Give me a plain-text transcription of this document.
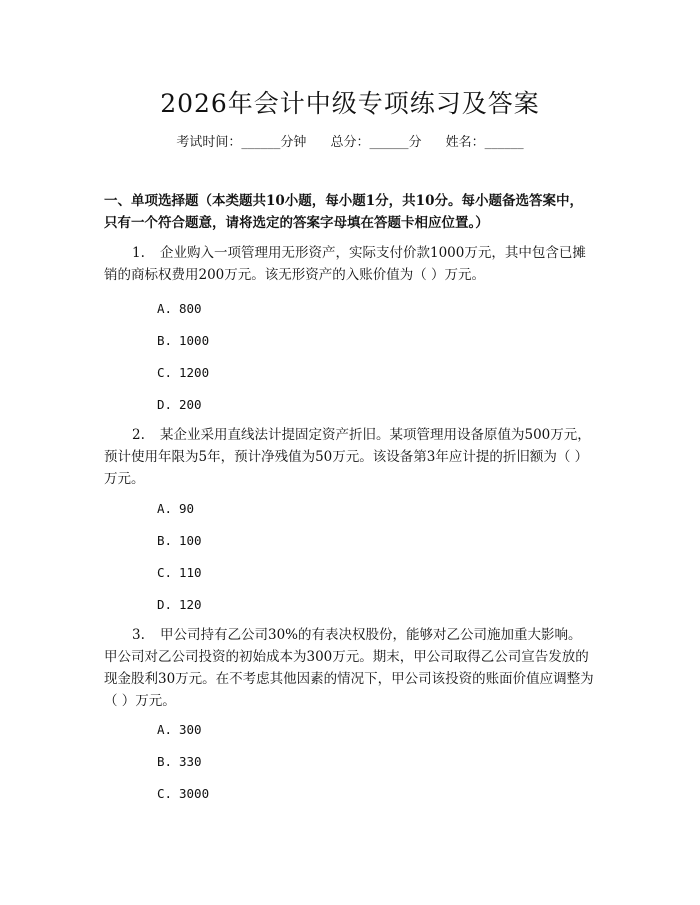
2026年会计中级专项练习及答案
考试时间：______分钟 总分：______分 姓名：______
一、单项选择题（本类题共10小题，每小题1分，共10分。每小题备选答案中，只有一个符合题意，请将选定的答案字母填在答题卡相应位置。）
1. 企业购入一项管理用无形资产，实际支付价款1000万元，其中包含已摊销的商标权费用200万元。该无形资产的入账价值为（ ）万元。
A. 800
B. 1000
C. 1200
D. 200
2. 某企业采用直线法计提固定资产折旧。某项管理用设备原值为500万元，预计使用年限为5年，预计净残值为50万元。该设备第3年应计提的折旧额为（ ）万元。
A. 90
B. 100
C. 110
D. 120
3. 甲公司持有乙公司30%的有表决权股份，能够对乙公司施加重大影响。甲公司对乙公司投资的初始成本为300万元。期末，甲公司取得乙公司宣告发放的现金股利30万元。在不考虑其他因素的情况下，甲公司该投资的账面价值应调整为（ ）万元。
A. 300
B. 330
C. 3000
